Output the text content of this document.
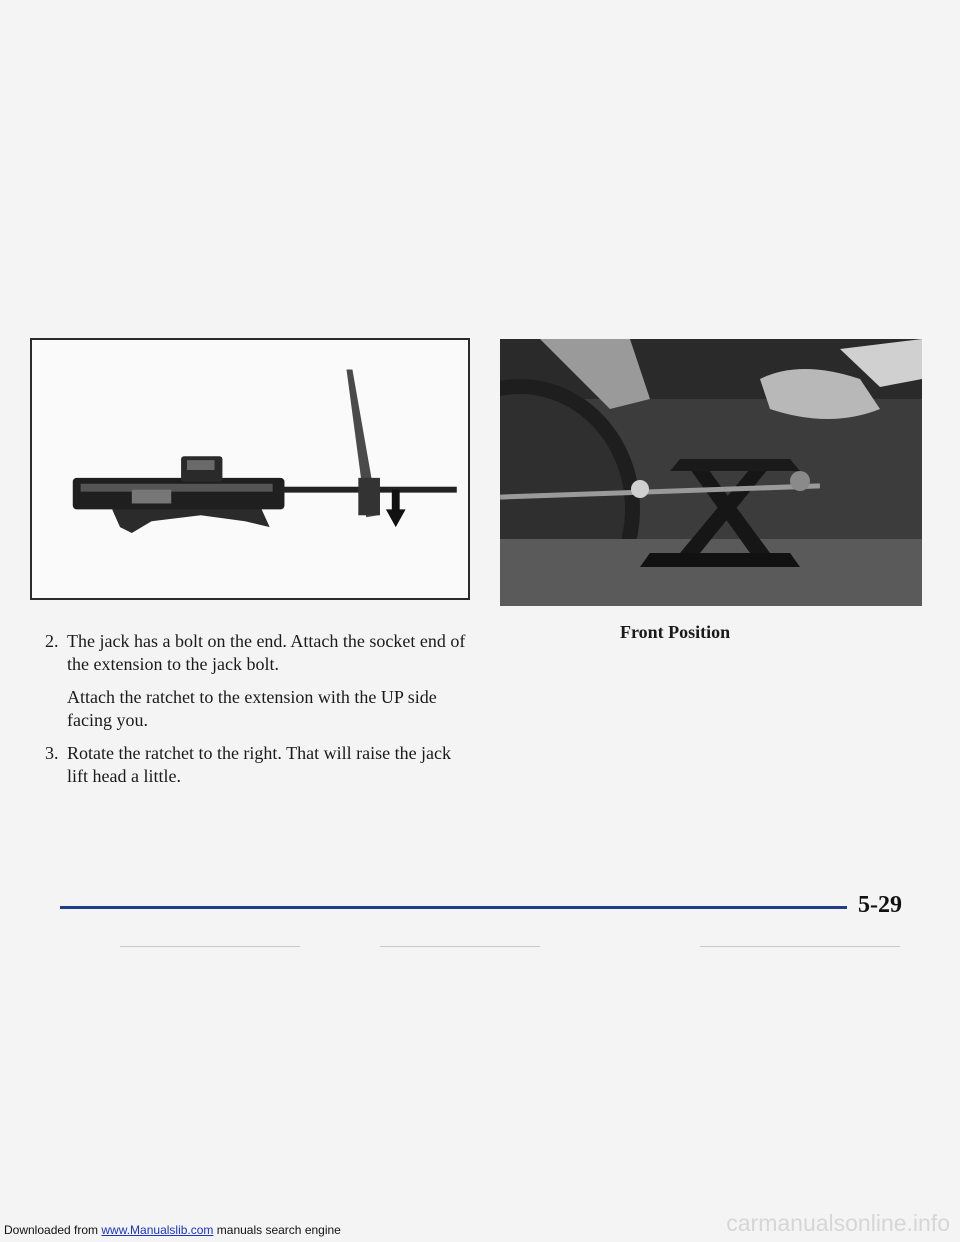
Front Position
2. The jack has a bolt on the end. Attach the socket end of the extension to the jack bolt.

Attach the ratchet to the extension with the UP side facing you.

3. Rotate the ratchet to the right. That will raise the jack lift head a little.

5-29
Downloaded from www.Manualslib.com manuals search engine	carmanualsonline.info
